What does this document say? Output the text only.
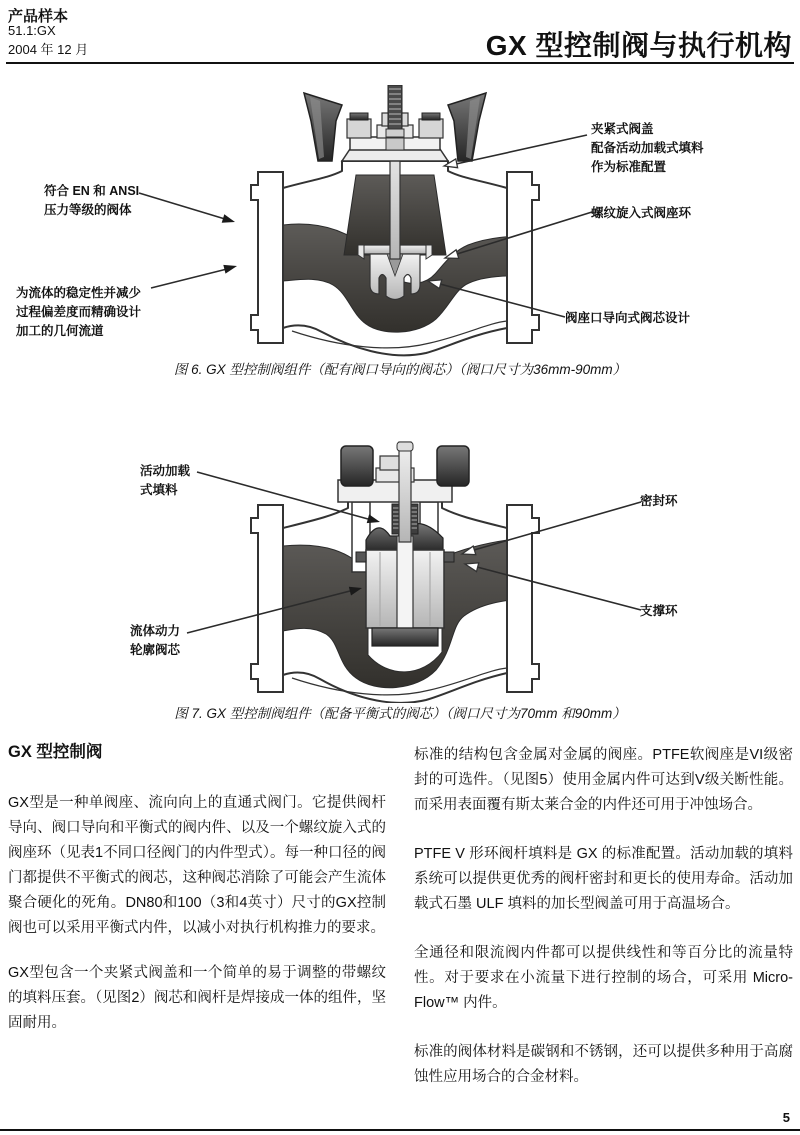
产品样本
51.1:GX
2004 年 12 月	GX 型控制阀与执行机构
符合 EN 和 ANSI
压力等级的阀体
为流体的稳定性并减少
过程偏差度而精确设计
加工的几何流道
夹紧式阀盖
配备活动加载式填料
作为标准配置
螺纹旋入式阀座环
阀座口导向式阀芯设计
图 6. GX 型控制阀组件（配有阀口导向的阀芯）（阀口尺寸为36mm-90mm）
活动加载
式填料
流体动力
轮廓阀芯
密封环
支撑环
图 7. GX 型控制阀组件（配备平衡式的阀芯）（阀口尺寸为70mm 和90mm）
GX 型控制阀

GX型是一种单阀座、流向向上的直通式阀门。它提供阀杆导向、阀口导向和平衡式的阀内件、以及一个螺纹旋入式的阀座环（见表1不同口径阀门的内件型式）。每一种口径的阀门都提供不平衡式的阀芯，这种阀芯消除了可能会产生流体聚合硬化的死角。DN80和100（3和4英寸）尺寸的GX控制阀也可以采用平衡式内件，以减小对执行机构推力的要求。

GX型包含一个夹紧式阀盖和一个简单的易于调整的带螺纹的填料压套。（见图2）阀芯和阀杆是焊接成一体的组件，坚固耐用。

标准的结构包含金属对金属的阀座。PTFE软阀座是VI级密封的可选件。（见图5）使用金属内件可达到V级关断性能。而采用表面覆有斯太莱合金的内件还可用于冲蚀场合。

PTFE V 形环阀杆填料是 GX 的标准配置。活动加载的填料系统可以提供更优秀的阀杆密封和更长的使用寿命。活动加载式石墨 ULF 填料的加长型阀盖可用于高温场合。

全通径和限流阀内件都可以提供线性和等百分比的流量特性。对于要求在小流量下进行控制的场合，可采用 Micro-Flow™ 内件。

标准的阀体材料是碳钢和不锈钢，还可以提供多种用于高腐蚀性应用场合的合金材料。

5
